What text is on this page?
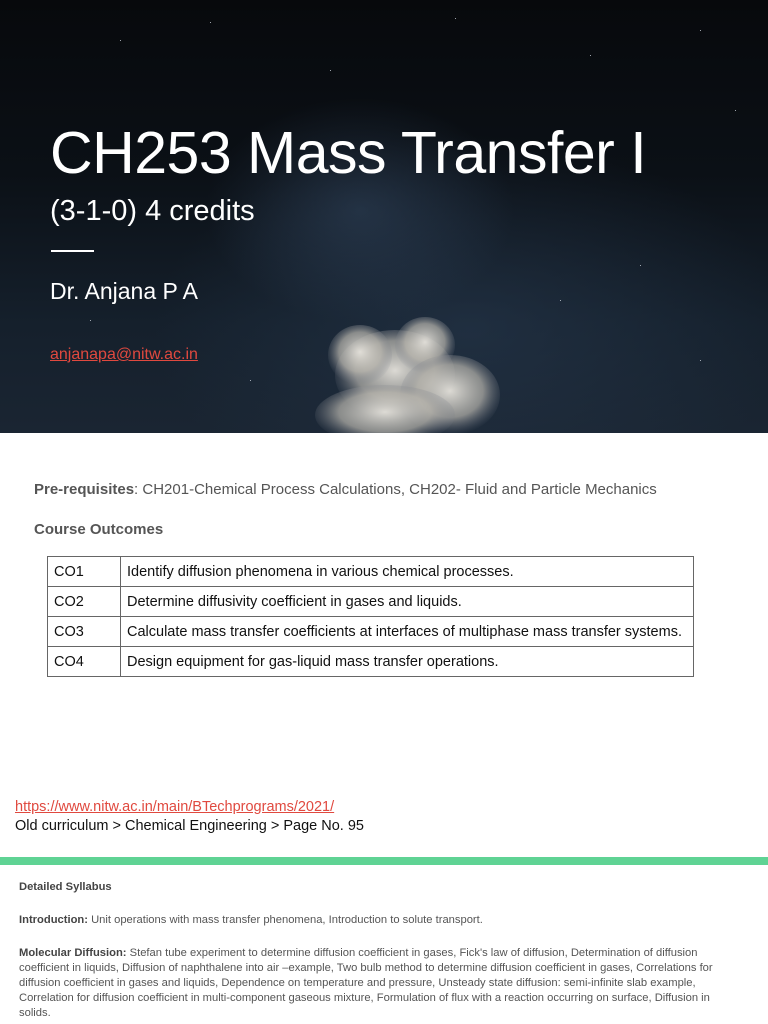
CH253 Mass Transfer I
(3-1-0) 4 credits
Dr. Anjana P A
anjanapa@nitw.ac.in
Pre-requisites: CH201-Chemical Process Calculations, CH202- Fluid and Particle Mechanics
Course Outcomes
CO1	Identify diffusion phenomena in various chemical processes.
CO2	Determine diffusivity coefficient in gases and liquids.
CO3	Calculate mass transfer coefficients at interfaces of multiphase mass transfer systems.
CO4	Design equipment for gas-liquid mass transfer operations.
https://www.nitw.ac.in/main/BTechprograms/2021/
Old curriculum > Chemical Engineering > Page No. 95
Detailed Syllabus
Introduction: Unit operations with mass transfer phenomena, Introduction to solute transport.
Molecular Diffusion: Stefan tube experiment to determine diffusion coefficient in gases, Fick's law of diffusion, Determination of diffusion coefficient in liquids, Diffusion of naphthalene into air –example, Two bulb method to determine diffusion coefficient in gases, Correlations for diffusion coefficient in gases and liquids, Dependence on temperature and pressure, Unsteady state diffusion: semi-infinite slab example, Correlation for diffusion coefficient in multi-component gaseous mixture, Formulation of flux with a reaction occurring on surface, Diffusion in solids.
